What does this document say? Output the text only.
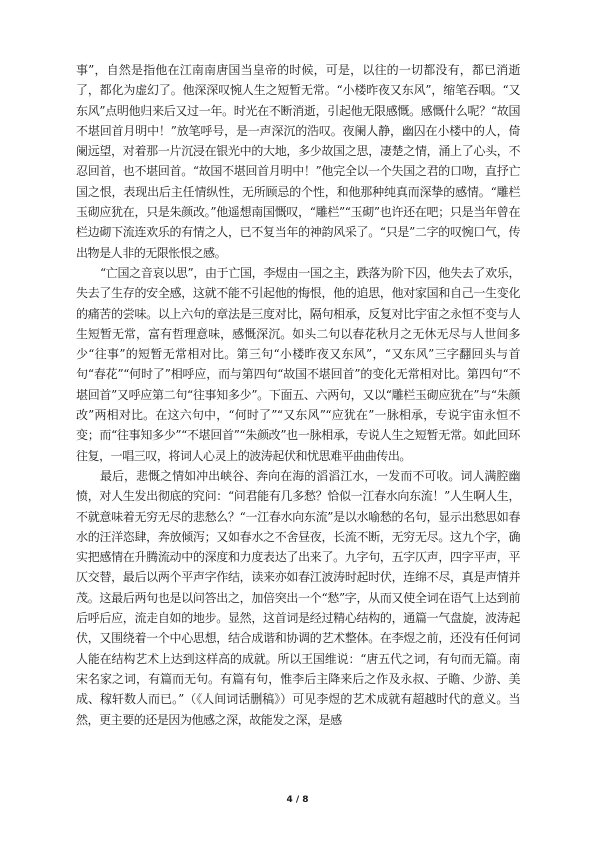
事”，自然是指他在江南南唐国当皇帝的时候，可是，以往的一切都没有，都已消逝了，都化为虚幻了。他深深叹惋人生之短暂无常。“小楼昨夜又东风”，缩笔吞咽。“又东风”点明他归来后又过一年。时光在不断消逝，引起他无限感慨。感慨什么呢？“故国不堪回首月明中！”放笔呼号，是一声深沉的浩叹。夜阑人静，幽囚在小楼中的人，倚阑远望，对着那一片沉浸在银光中的大地，多少故国之思，凄楚之情，涌上了心头，不忍回首，也不堪回首。“故国不堪回首月明中！”他完全以一个失国之君的口吻，直抒亡国之恨，表现出后主任情纵性，无所顾忌的个性，和他那种纯真而深挚的感情。“雕栏玉砌应犹在，只是朱颜改。”他遥想南国慨叹，“雕栏”“玉砌”也许还在吧；只是当年曾在栏边砌下流连欢乐的有情之人，已不复当年的神韵风采了。“只是”二字的叹惋口气，传出物是人非的无限怅恨之感。

“亡国之音哀以思”，由于亡国，李煜由一国之主，跌落为阶下囚，他失去了欢乐，失去了生存的安全感，这就不能不引起他的悔恨，他的追思，他对家国和自己一生变化的痛苦的尝味。以上六句的章法是三度对比，隔句相承，反复对比宇宙之永恒不变与人生短暂无常，富有哲理意味，感慨深沉。如头二句以春花秋月之无休无尽与人世间多少“往事”的短暂无常相对比。第三句“小楼昨夜又东风”，“又东风”三字翻回头与首句“春花”“何时了”相呼应，而与第四句“故国不堪回首”的变化无常相对比。第四句“不堪回首”又呼应第二句“往事知多少”。下面五、六两句，又以“雕栏玉砌应犹在”与“朱颜改”两相对比。在这六句中，“何时了”“又东风”“应犹在”一脉相承，专说宇宙永恒不变；而“往事知多少”“不堪回首”“朱颜改”也一脉相承，专说人生之短暂无常。如此回环往复，一唱三叹，将词人心灵上的波涛起伏和忧思难平曲曲传出。

最后，悲慨之情如冲出峡谷、奔向在海的滔滔江水，一发而不可收。词人满腔幽愤，对人生发出彻底的究问：“问君能有几多愁？恰似一江春水向东流！”人生啊人生，不就意味着无穷无尽的悲愁么？“一江春水向东流”是以水喻愁的名句，显示出愁思如春水的汪洋恣肆，奔放倾泻；又如春水之不舍昼夜，长流不断，无穷无尽。这九个字，确实把感情在升腾流动中的深度和力度表达了出来了。九字句，五字仄声，四字平声，平仄交替，最后以两个平声字作结，读来亦如春江波涛时起时伏，连绵不尽，真是声情并茂。这最后两句也是以问答出之，加倍突出一个“愁”字，从而又使全词在语气上达到前后呼后应，流走自如的地步。显然，这首词是经过精心结构的，通篇一气盘旋，波涛起伏，又围绕着一个中心思想，结合成谐和协调的艺术整体。在李煜之前，还没有任何词人能在结构艺术上达到这样高的成就。所以王国维说：“唐五代之词，有句而无篇。南宋名家之词，有篇而无句。有篇有句，惟李后主降来后之作及永叔、子瞻、少游、美成、稼轩数人而已。”（《人间词话删稿》）可见李煜的艺术成就有超越时代的意义。当然，更主要的还是因为他感之深，故能发之深，是感

4 / 8
